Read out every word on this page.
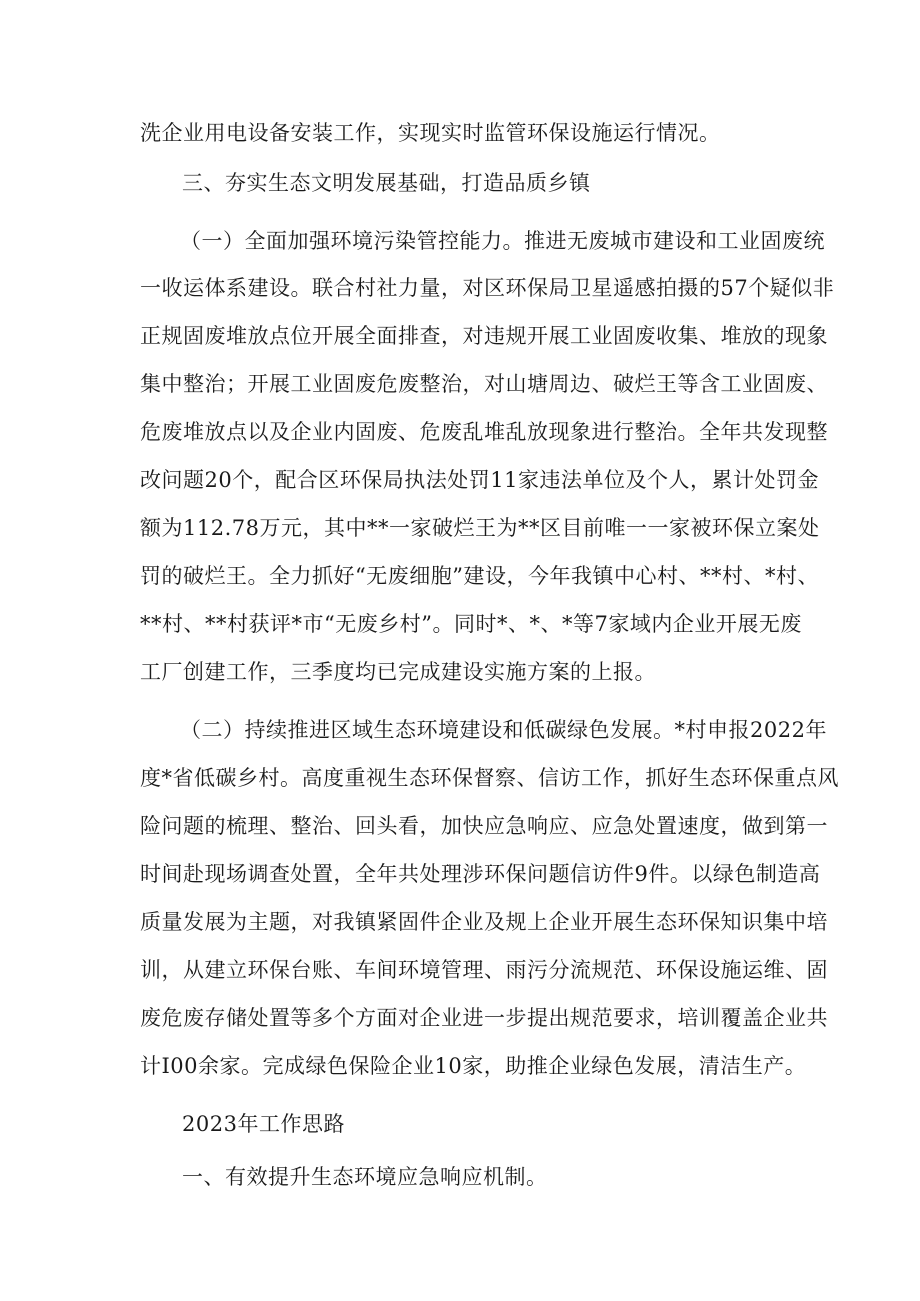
洗企业用电设备安装工作，实现实时监管环保设施运行情况。
三、夯实生态文明发展基础，打造品质乡镇
（一）全面加强环境污染管控能力。推进无废城市建设和工业固废统
一收运体系建设。联合村社力量，对区环保局卫星遥感拍摄的57个疑似非
正规固废堆放点位开展全面排查，对违规开展工业固废收集、堆放的现象
集中整治；开展工业固废危废整治，对山塘周边、破烂王等含工业固废、
危废堆放点以及企业内固废、危废乱堆乱放现象进行整治。全年共发现整
改问题20个，配合区环保局执法处罚11家违法单位及个人，累计处罚金
额为112.78万元，其中**一家破烂王为**区目前唯一一家被环保立案处
罚的破烂王。全力抓好“无废细胞”建设，今年我镇中心村、**村、*村、
**村、**村获评*市“无废乡村”。同时*、*、*等7家域内企业开展无废
工厂创建工作，三季度均已完成建设实施方案的上报。
（二）持续推进区域生态环境建设和低碳绿色发展。*村申报2022年
度*省低碳乡村。高度重视生态环保督察、信访工作，抓好生态环保重点风
险问题的梳理、整治、回头看，加快应急响应、应急处置速度，做到第一
时间赴现场调查处置，全年共处理涉环保问题信访件9件。以绿色制造高
质量发展为主题，对我镇紧固件企业及规上企业开展生态环保知识集中培
训，从建立环保台账、车间环境管理、雨污分流规范、环保设施运维、固
废危废存储处置等多个方面对企业进一步提出规范要求，培训覆盖企业共
计I00余家。完成绿色保险企业10家，助推企业绿色发展，清洁生产。
2023年工作思路
一、有效提升生态环境应急响应机制。
